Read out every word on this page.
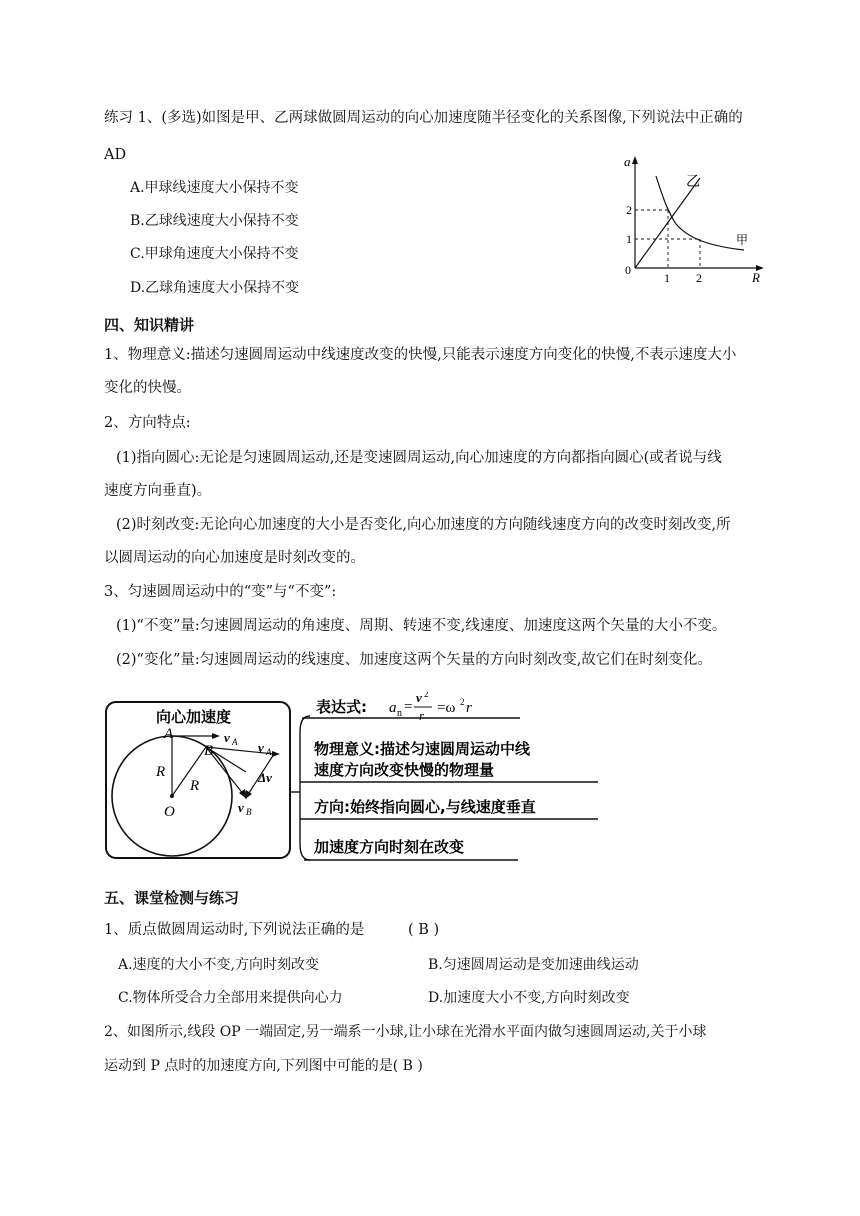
练习 1、(多选)如图是甲、乙两球做圆周运动的向心加速度随半径变化的关系图像,下列说法中正确的
AD
A.甲球线速度大小保持不变
B.乙球线速度大小保持不变
C.甲球角速度大小保持不变
D.乙球角速度大小保持不变
a
R
0
2
1
1 2
乙
甲
四、知识精讲
1、物理意义:描述匀速圆周运动中线速度改变的快慢,只能表示速度方向变化的快慢,不表示速度大小
变化的快慢。
2、方向特点:
(1)指向圆心:无论是匀速圆周运动,还是变速圆周运动,向心加速度的方向都指向圆心(或者说与线
速度方向垂直)。
(2)时刻改变:无论向心加速度的大小是否变化,向心加速度的方向随线速度方向的改变时刻改变,所
以圆周运动的向心加速度是时刻改变的。
3、匀速圆周运动中的“变”与“不变”:
(1)“不变”量:匀速圆周运动的角速度、周期、转速不变,线速度、加速度这两个矢量的大小不变。
(2)“变化”量:匀速圆周运动的线速度、加速度这两个矢量的方向时刻改变,故它们在时刻变化。
向心加速度
A
B
O
R
R
v A v A
Δv
v B
表达式: a n =
v 2
r =ω 2 r
物理意义:描述匀速圆周运动中线
速度方向改变快慢的物理量
方向:始终指向圆心,与线速度垂直
加速度方向时刻在改变
五、课堂检测与练习
1、质点做圆周运动时,下列说法正确的是	( B )
A.速度的大小不变,方向时刻改变	B.匀速圆周运动是变加速曲线运动
C.物体所受合力全部用来提供向心力	D.加速度大小不变,方向时刻改变
2、如图所示,线段 OP 一端固定,另一端系一小球,让小球在光滑水平面内做匀速圆周运动,关于小球
运动到 P 点时的加速度方向,下列图中可能的是( B )
